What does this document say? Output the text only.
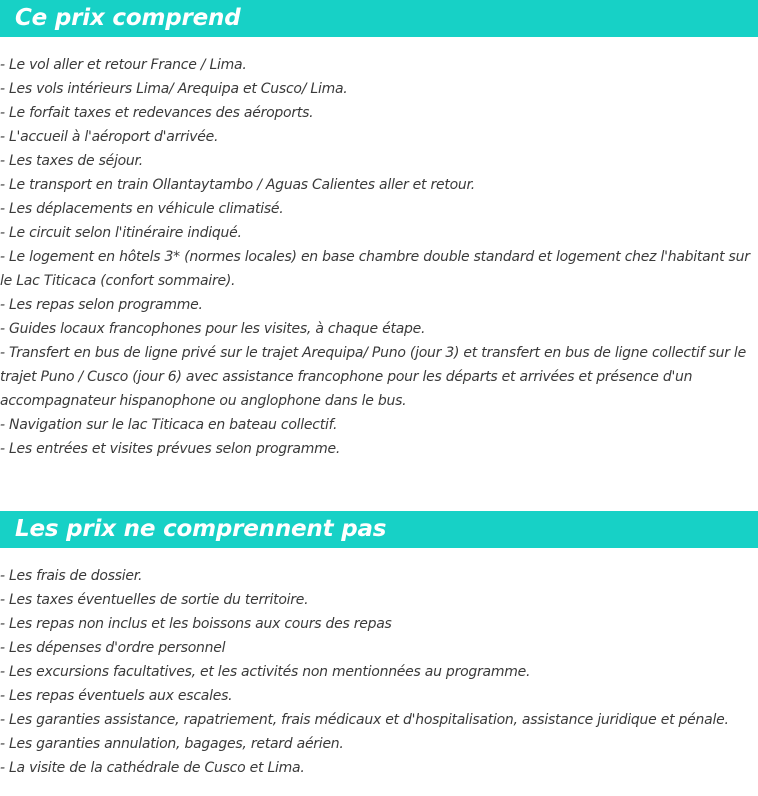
Ce prix comprend
- Le vol aller et retour France / Lima.
- Les vols intérieurs Lima/ Arequipa et Cusco/ Lima.
- Le forfait taxes et redevances des aéroports.
- L'accueil à l'aéroport d'arrivée.
- Les taxes de séjour.
- Le transport en train Ollantaytambo / Aguas Calientes aller et retour.
- Les déplacements en véhicule climatisé.
- Le circuit selon l'itinéraire indiqué.
- Le logement en hôtels 3* (normes locales) en base chambre double standard et logement chez l'habitant sur le Lac Titicaca (confort sommaire).
- Les repas selon programme.
- Guides locaux francophones pour les visites, à chaque étape.
- Transfert en bus de ligne privé sur le trajet Arequipa/ Puno (jour 3) et transfert en bus de ligne collectif sur le trajet Puno / Cusco (jour 6) avec assistance francophone pour les départs et arrivées et présence d'un accompagnateur hispanophone ou anglophone dans le bus.
- Navigation sur le lac Titicaca en bateau collectif.
- Les entrées et visites prévues selon programme.
Les prix ne comprennent pas
- Les frais de dossier.
- Les taxes éventuelles de sortie du territoire.
- Les repas non inclus et les boissons aux cours des repas
- Les dépenses d'ordre personnel
- Les excursions facultatives, et les activités non mentionnées au programme.
- Les repas éventuels aux escales.
- Les garanties assistance, rapatriement, frais médicaux et d'hospitalisation, assistance juridique et pénale.
- Les garanties annulation, bagages, retard aérien.
- La visite de la cathédrale de Cusco et Lima.
